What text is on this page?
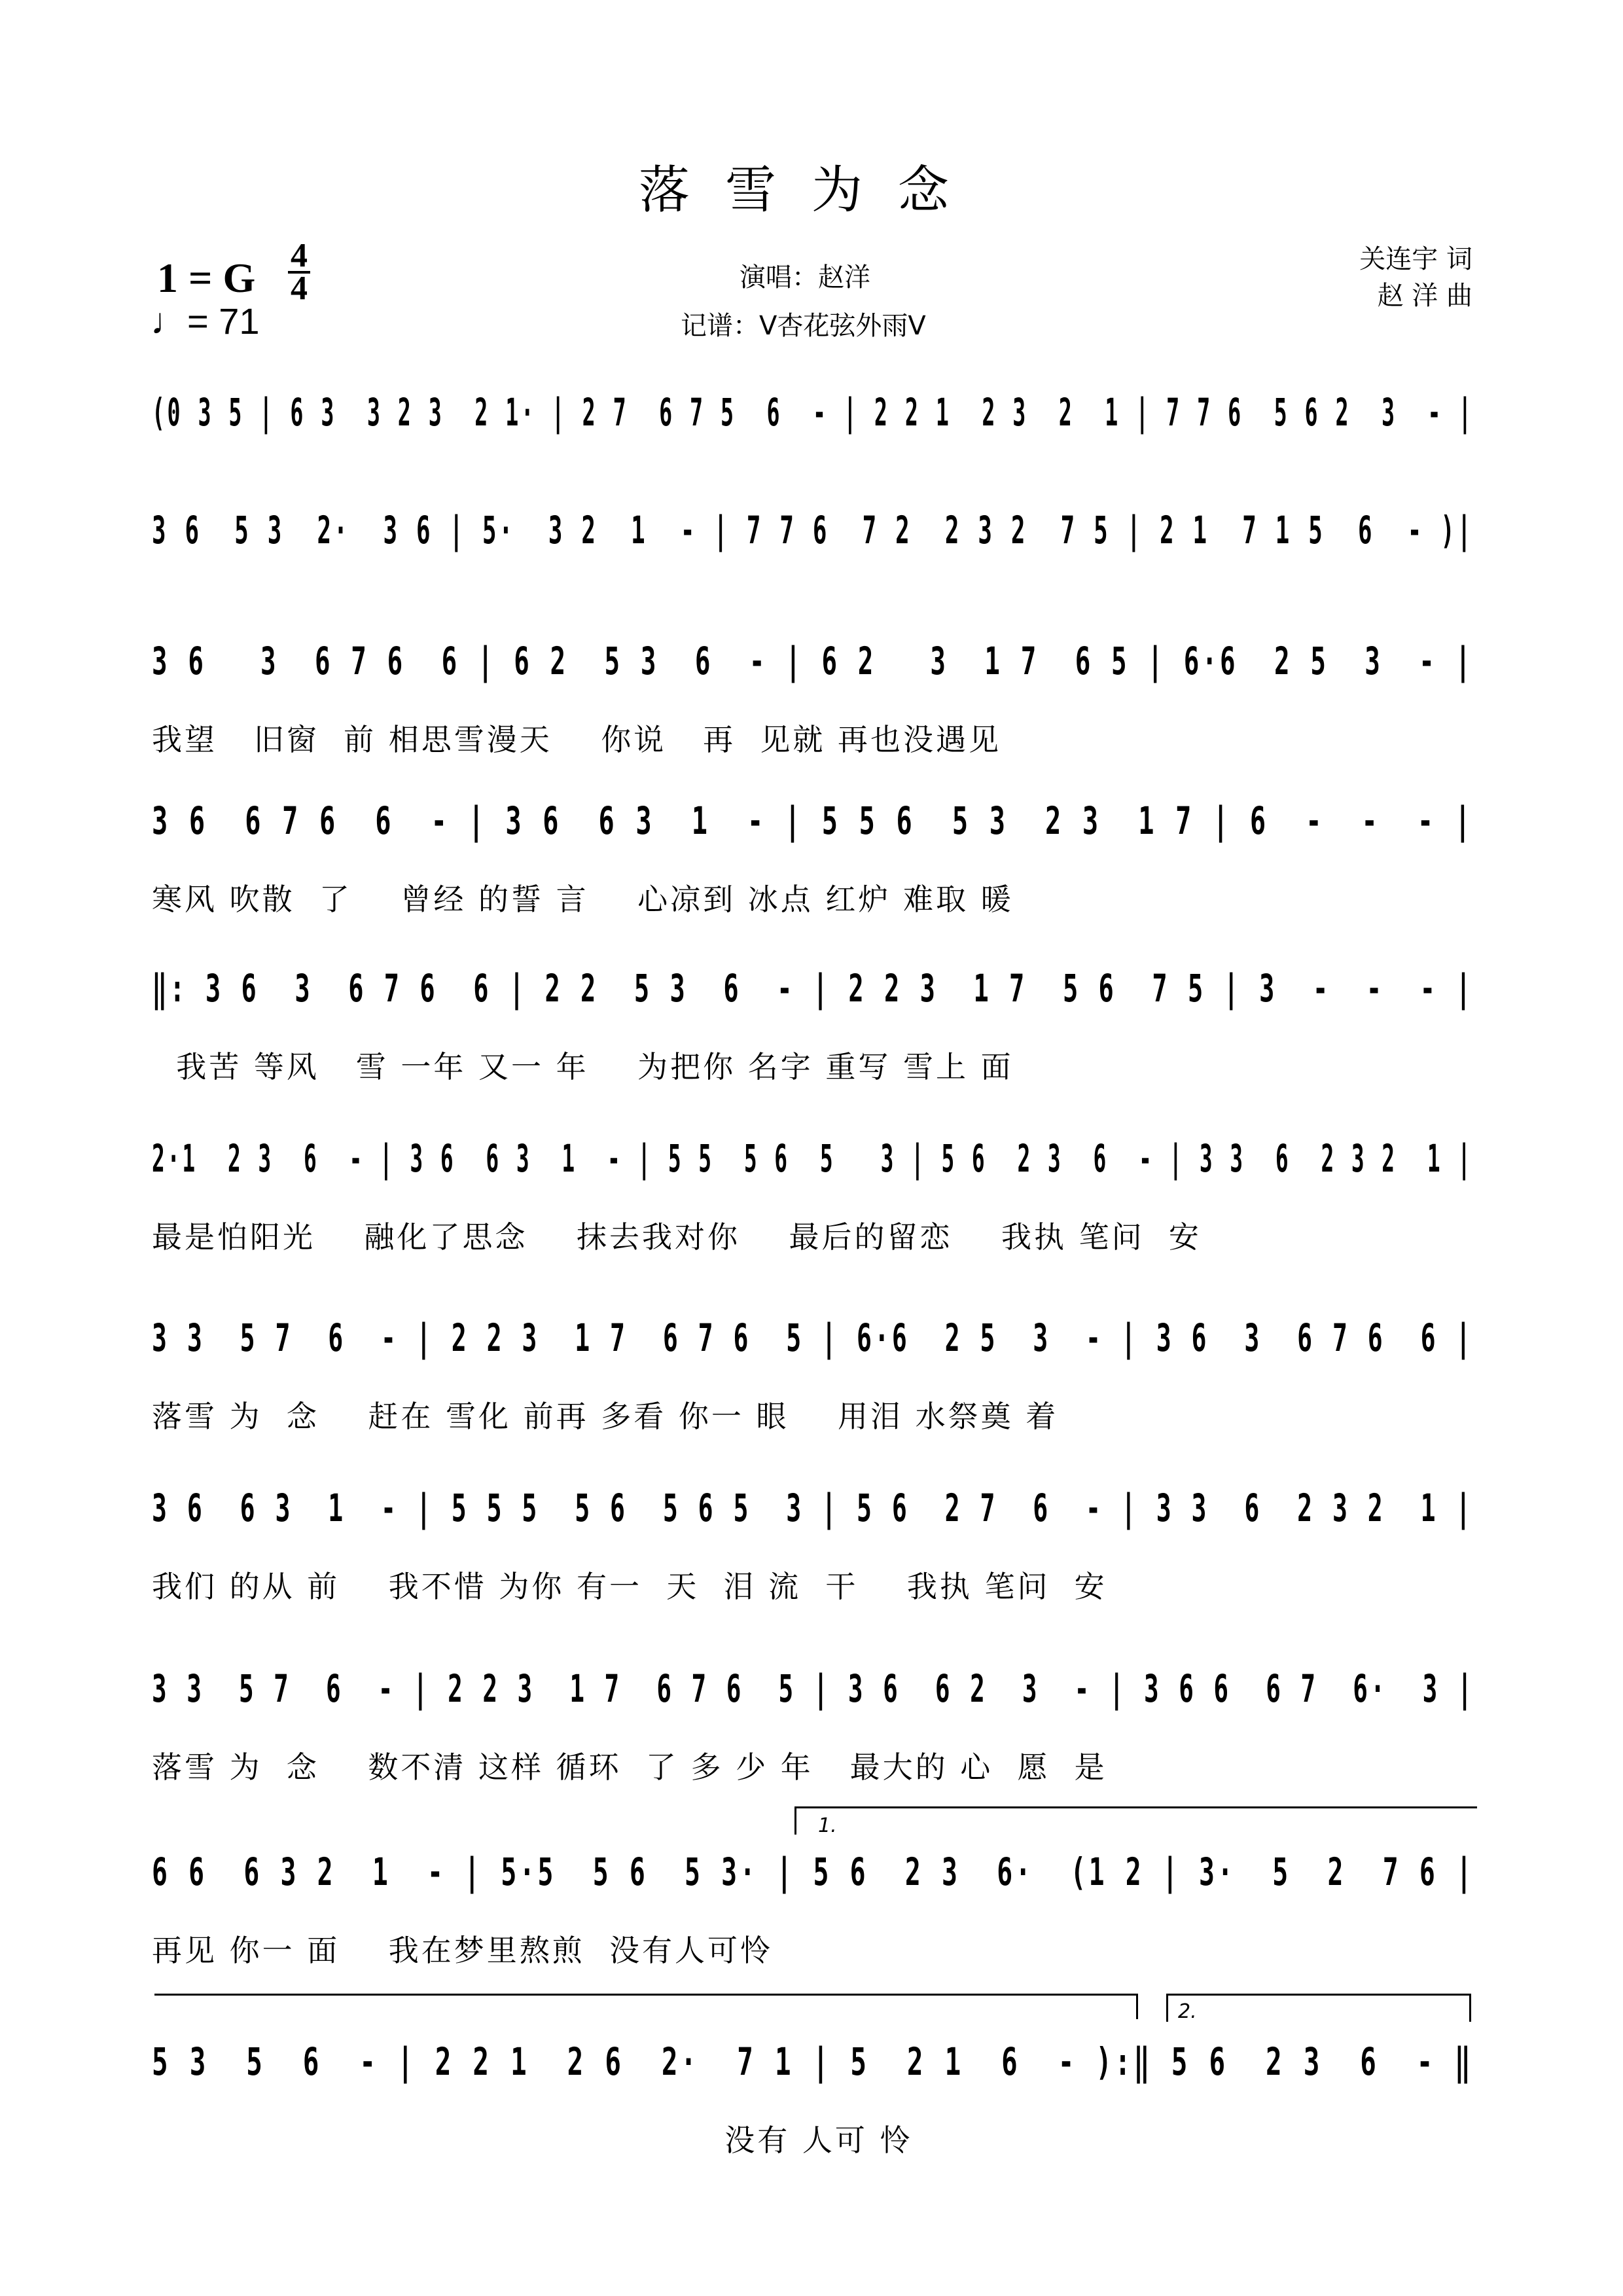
落雪为念
1 = G 4
4
♩= 71
演唱：赵洋
记谱：V杏花弦外雨V
关连宇 词
赵 洋 曲
(0 3 5 | 6 3  3 2 3  2 1· | 2 7  6 7 5  6  - | 2 2 1  2 3  2  1 | 7 7 6  5 6 2  3  - |
3 6  5 3  2·  3 6 | 5·  3 2  1  - | 7 7 6  7 2  2 3 2  7 5 | 2 1  7 1 5  6  - )|
3 6   3  6 7 6  6 | 6 2  5 3  6  - | 6 2   3  1 7  6 5 | 6·6  2 5  3  - |
我望   旧窗  前 相思雪漫天    你说   再  见就 再也没遇见
3 6  6 7 6  6  - | 3 6  6 3  1  - | 5 5 6  5 3  2 3  1 7 | 6  -  -  - |
寒风 吹散  了    曾经 的誓 言    心凉到 冰点 红炉 难取 暖
‖: 3 6  3  6 7 6  6 | 2 2  5 3  6  - | 2 2 3  1 7  5 6  7 5 | 3  -  -  - |
我苦 等风   雪 一年 又一 年    为把你 名字 重写 雪上 面
2·1  2 3  6  - | 3 6  6 3  1  - | 5 5  5 6  5   3 | 5 6  2 3  6  - | 3 3  6  2 3 2  1 |
最是怕阳光    融化了思念    抹去我对你    最后的留恋    我执 笔问  安
3 3  5 7  6  - | 2 2 3  1 7  6 7 6  5 | 6·6  2 5  3  - | 3 6  3  6 7 6  6 |
落雪 为  念    赶在 雪化 前再 多看 你一 眼    用泪 水祭奠 着
3 6  6 3  1  - | 5 5 5  5 6  5 6 5  3 | 5 6  2 7  6  - | 3 3  6  2 3 2  1 |
我们 的从 前    我不惜 为你 有一  天  泪 流  干    我执 笔问  安
3 3  5 7  6  - | 2 2 3  1 7  6 7 6  5 | 3 6  6 2  3  - | 3 6 6  6 7  6·  3 |
落雪 为  念    数不清 这样 循环  了 多 少 年   最大的 心  愿  是
1.
6 6  6 3 2  1  - | 5·5  5 6  5 3· | 5 6  2 3  6·  (1 2 | 3·  5  2  7 6 |
再见 你一 面    我在梦里熬煎  没有人可怜
2.
5 3  5  6  - | 2 2 1  2 6  2·  7 1 | 5  2 1  6  - ):‖ 5 6  2 3  6  - ‖
没有 人可 怜
